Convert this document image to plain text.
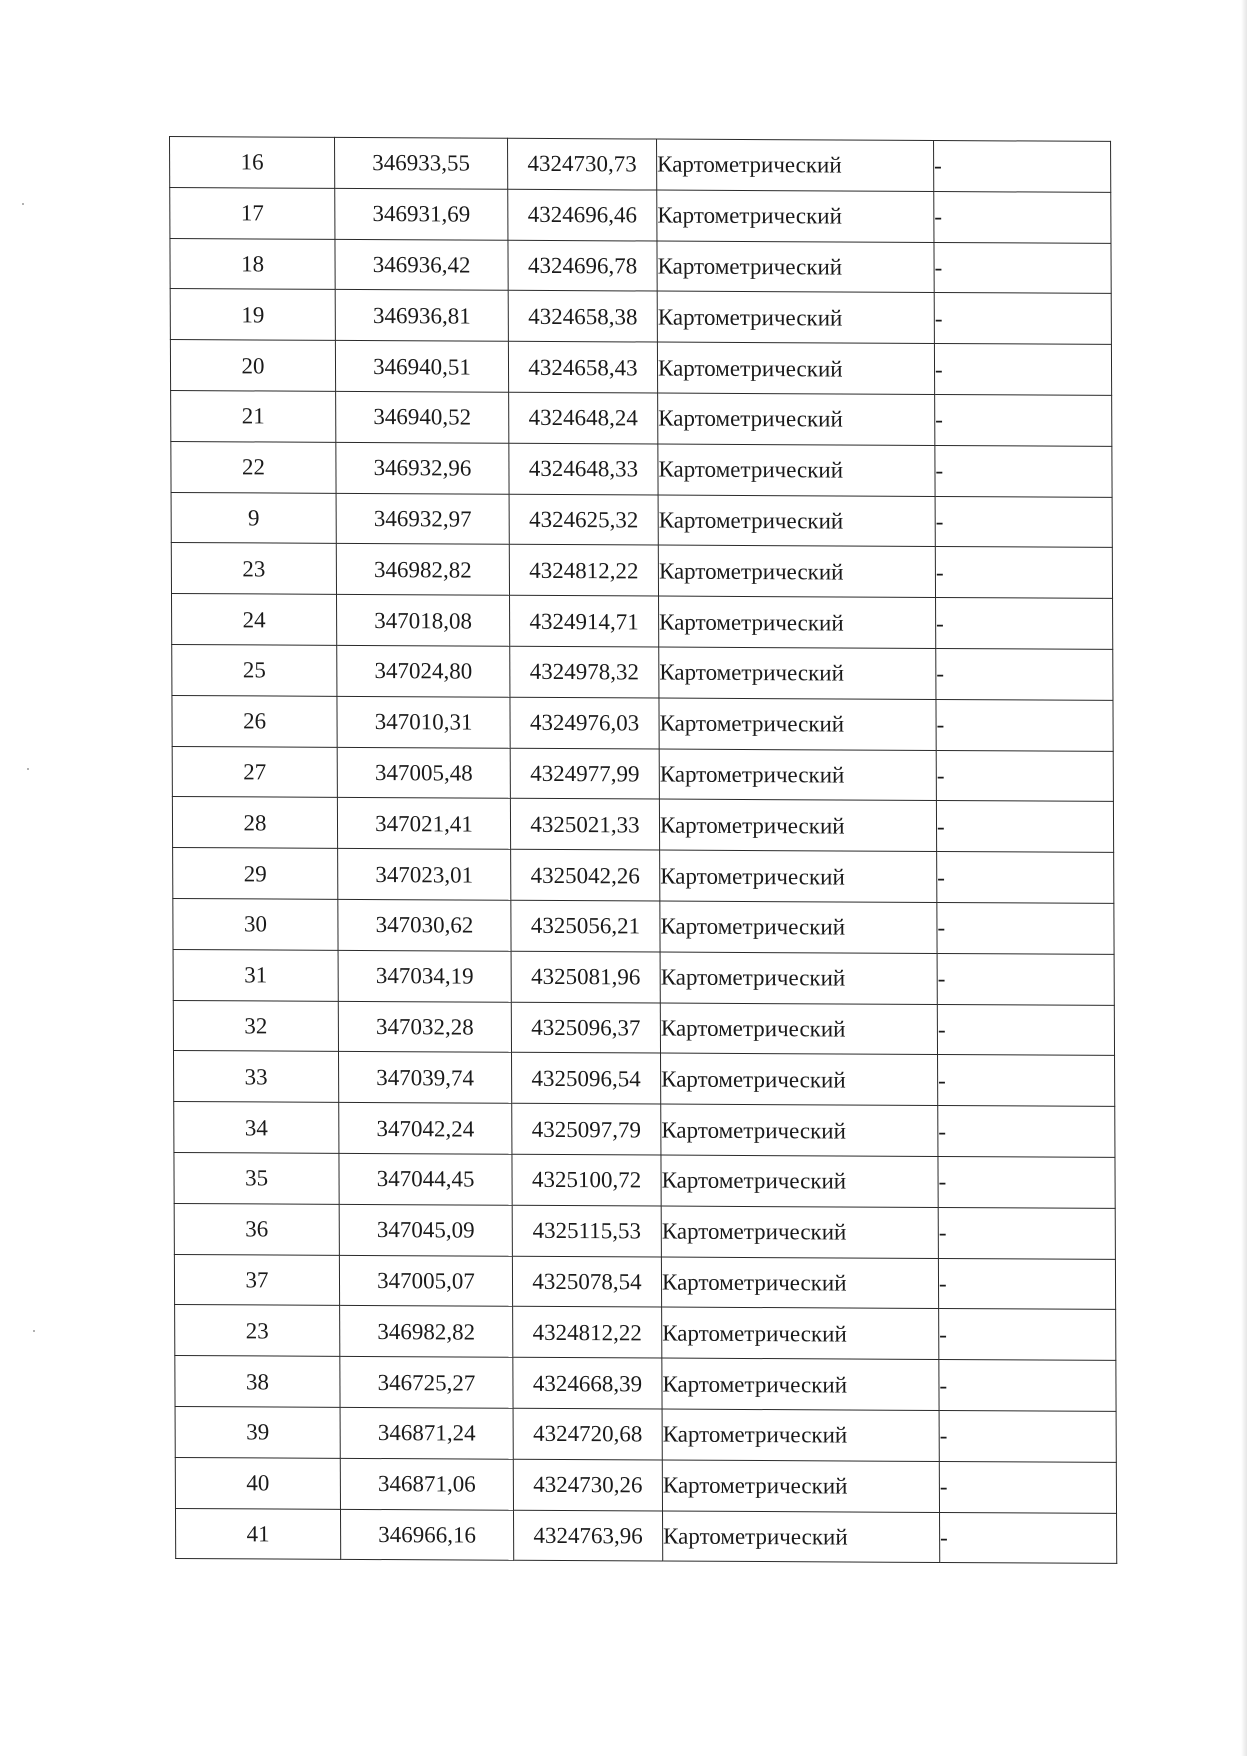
16	346933,55	4324730,73	Картометрический	-
17	346931,69	4324696,46	Картометрический	-
18	346936,42	4324696,78	Картометрический	-
19	346936,81	4324658,38	Картометрический	-
20	346940,51	4324658,43	Картометрический	-
21	346940,52	4324648,24	Картометрический	-
22	346932,96	4324648,33	Картометрический	-
9	346932,97	4324625,32	Картометрический	-
23	346982,82	4324812,22	Картометрический	-
24	347018,08	4324914,71	Картометрический	-
25	347024,80	4324978,32	Картометрический	-
26	347010,31	4324976,03	Картометрический	-
27	347005,48	4324977,99	Картометрический	-
28	347021,41	4325021,33	Картометрический	-
29	347023,01	4325042,26	Картометрический	-
30	347030,62	4325056,21	Картометрический	-
31	347034,19	4325081,96	Картометрический	-
32	347032,28	4325096,37	Картометрический	-
33	347039,74	4325096,54	Картометрический	-
34	347042,24	4325097,79	Картометрический	-
35	347044,45	4325100,72	Картометрический	-
36	347045,09	4325115,53	Картометрический	-
37	347005,07	4325078,54	Картометрический	-
23	346982,82	4324812,22	Картометрический	-
38	346725,27	4324668,39	Картометрический	-
39	346871,24	4324720,68	Картометрический	-
40	346871,06	4324730,26	Картометрический	-
41	346966,16	4324763,96	Картометрический	-
